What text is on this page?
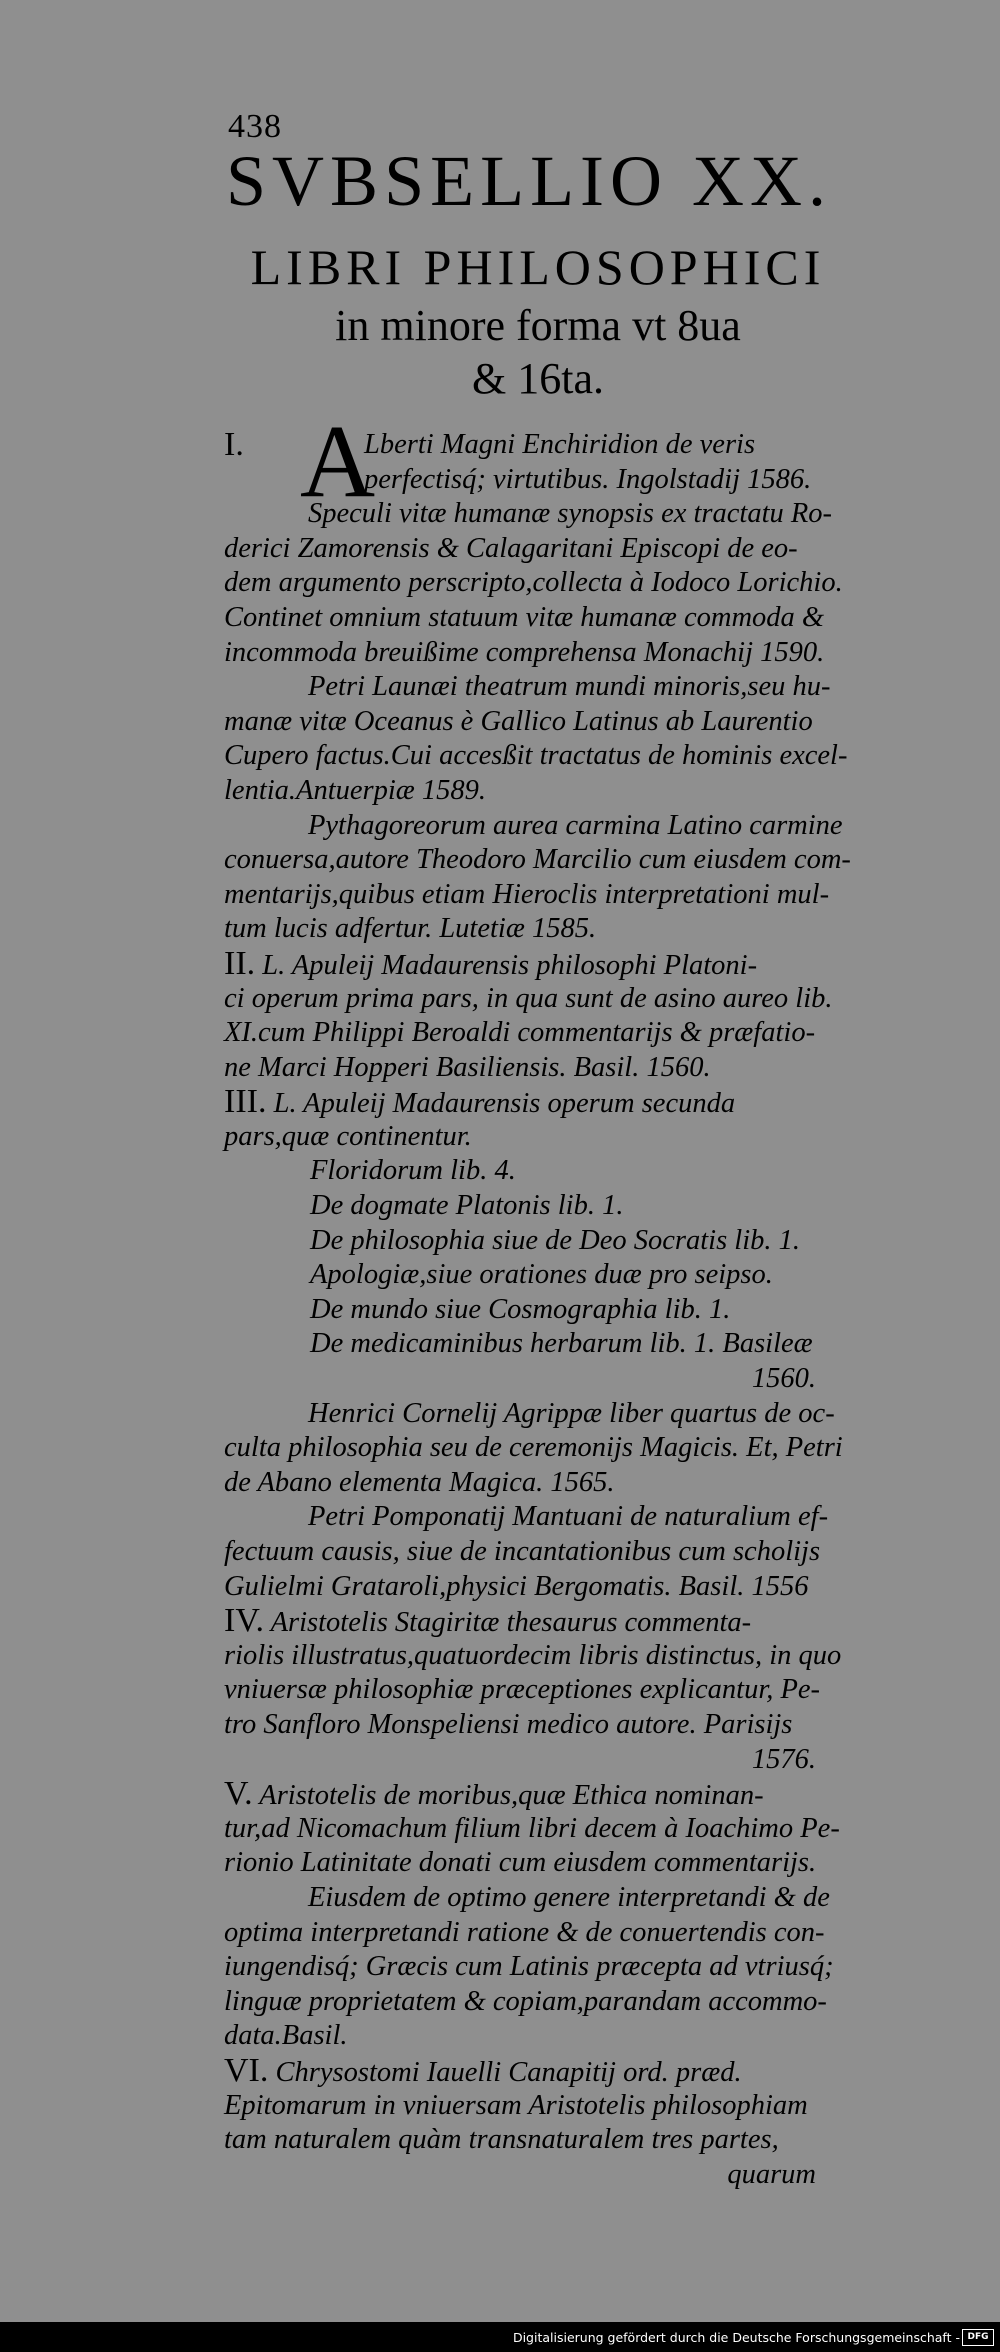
438
SVBSELLIO XX.
LIBRI PHILOSOPHICI
in minore forma vt 8ua
& 16ta.
I. A
Lberti Magni Enchiridion de veris
perfectisq́; virtutibus. Ingolstadij 1586.
Speculi vitæ humanæ synopsis ex tractatu Ro-
derici Zamorensis & Calagaritani Episcopi de eo-
dem argumento perscripto,collecta à Iodoco Lorichio.
Continet omnium statuum vitæ humanæ commoda &
incommoda breuißime comprehensa Monachij 1590.
Petri Launæi theatrum mundi minoris,seu hu-
manæ vitæ Oceanus è Gallico Latinus ab Laurentio
Cupero factus.Cui accesßit tractatus de hominis excel-
lentia.Antuerpiæ 1589.
Pythagoreorum aurea carmina Latino carmine
conuersa,autore Theodoro Marcilio cum eiusdem com-
mentarijs,quibus etiam Hieroclis interpretationi mul-
tum lucis adfertur. Lutetiæ 1585.
II. L. Apuleij Madaurensis philosophi Platoni-
ci operum prima pars, in qua sunt de asino aureo lib.
XI.cum Philippi Beroaldi commentarijs & præfatio-
ne Marci Hopperi Basiliensis. Basil. 1560.
III. L. Apuleij Madaurensis operum secunda
pars,quæ continentur.
Floridorum lib. 4.
De dogmate Platonis lib. 1.
De philosophia siue de Deo Socratis lib. 1.
Apologiæ,siue orationes duæ pro seipso.
De mundo siue Cosmographia lib. 1.
De medicaminibus herbarum lib. 1. Basileæ
1560.
Henrici Cornelij Agrippæ liber quartus de oc-
culta philosophia seu de ceremonijs Magicis. Et, Petri
de Abano elementa Magica. 1565.
Petri Pomponatij Mantuani de naturalium ef-
fectuum causis, siue de incantationibus cum scholijs
Gulielmi Grataroli,physici Bergomatis. Basil. 1556
IV. Aristotelis Stagiritæ thesaurus commenta-
riolis illustratus,quatuordecim libris distinctus, in quo
vniuersæ philosophiæ præceptiones explicantur, Pe-
tro Sanfloro Monspeliensi medico autore. Parisijs
1576.
V. Aristotelis de moribus,quæ Ethica nominan-
tur,ad Nicomachum filium libri decem à Ioachimo Pe-
rionio Latinitate donati cum eiusdem commentarijs.
Eiusdem de optimo genere interpretandi & de
optima interpretandi ratione & de conuertendis con-
iungendisq́; Græcis cum Latinis præcepta ad vtriusq́;
linguæ proprietatem & copiam,parandam accommo-
data.Basil.
VI. Chrysostomi Iauelli Canapitij ord. præd.
Epitomarum in vniuersam Aristotelis philosophiam
tam naturalem quàm transnaturalem tres partes,
quarum
Digitalisierung gefördert durch die Deutsche Forschungsgemeinschaft - DFG
